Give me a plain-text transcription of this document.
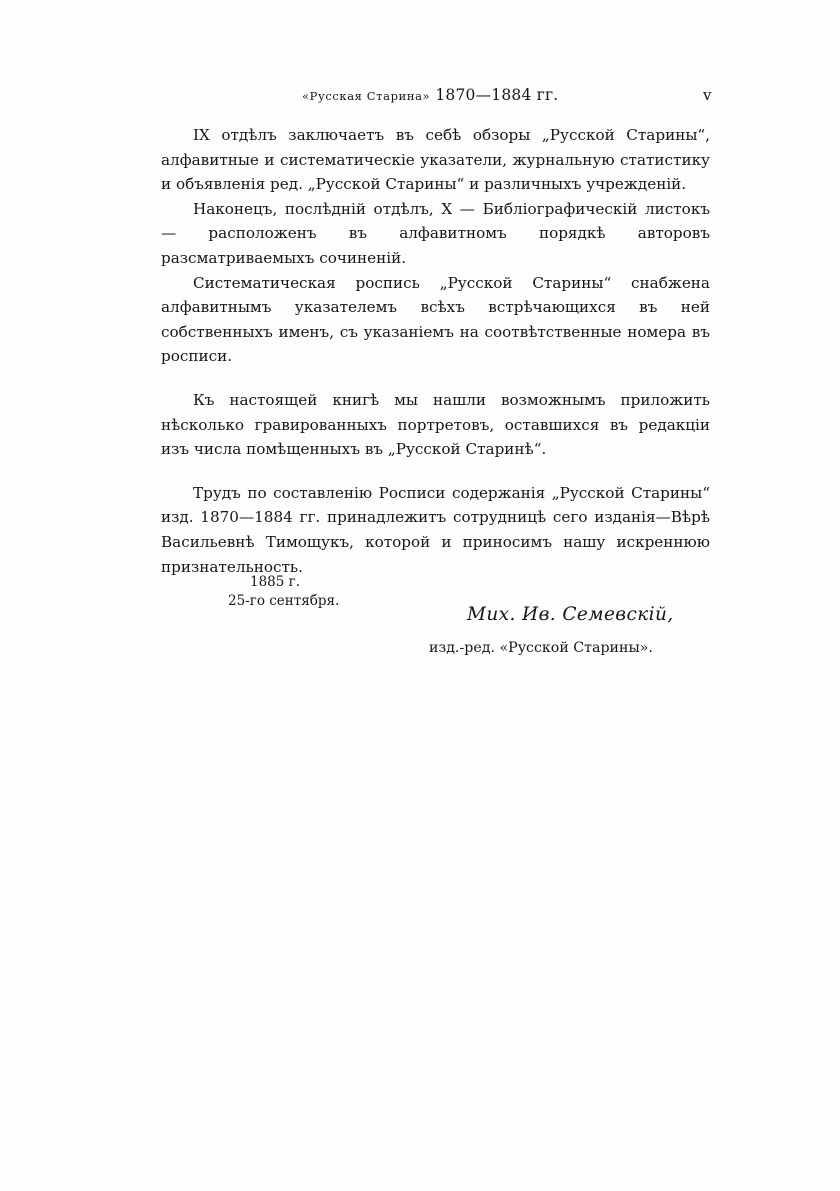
«Русская Старина» 1870—1884 гг.	v

IX отдѣлъ заключаетъ въ себѣ обзоры „Русской Старины“, алфавитные и систематическіе указатели, журнальную статистику и объявленія ред. „Русской Старины“ и различныхъ учрежденій.

Наконецъ, послѣдній отдѣлъ, X — Библіографическій листокъ — расположенъ въ алфавитномъ порядкѣ авторовъ разсматриваемыхъ сочиненій.

Систематическая роспись „Русской Старины“ снабжена алфавитнымъ указателемъ всѣхъ встрѣчающихся въ ней собственныхъ именъ, съ указаніемъ на соотвѣтственные номера въ росписи.

Къ настоящей книгѣ мы нашли возможнымъ приложить нѣсколько гравированныхъ портретовъ, оставшихся въ редакціи изъ числа помѣщенныхъ въ „Русской Старинѣ“.

Трудъ по составленію Росписи содержанія „Русской Старины“ изд. 1870—1884 гг. принадлежитъ сотрудницѣ сего изданія—Вѣрѣ Васильевнѣ Тимощукъ, которой и приносимъ нашу искреннюю признательность.

1885 г.
25-го сентября.
Мих. Ив. Семевскій,
изд.-ред. «Русской Старины».
